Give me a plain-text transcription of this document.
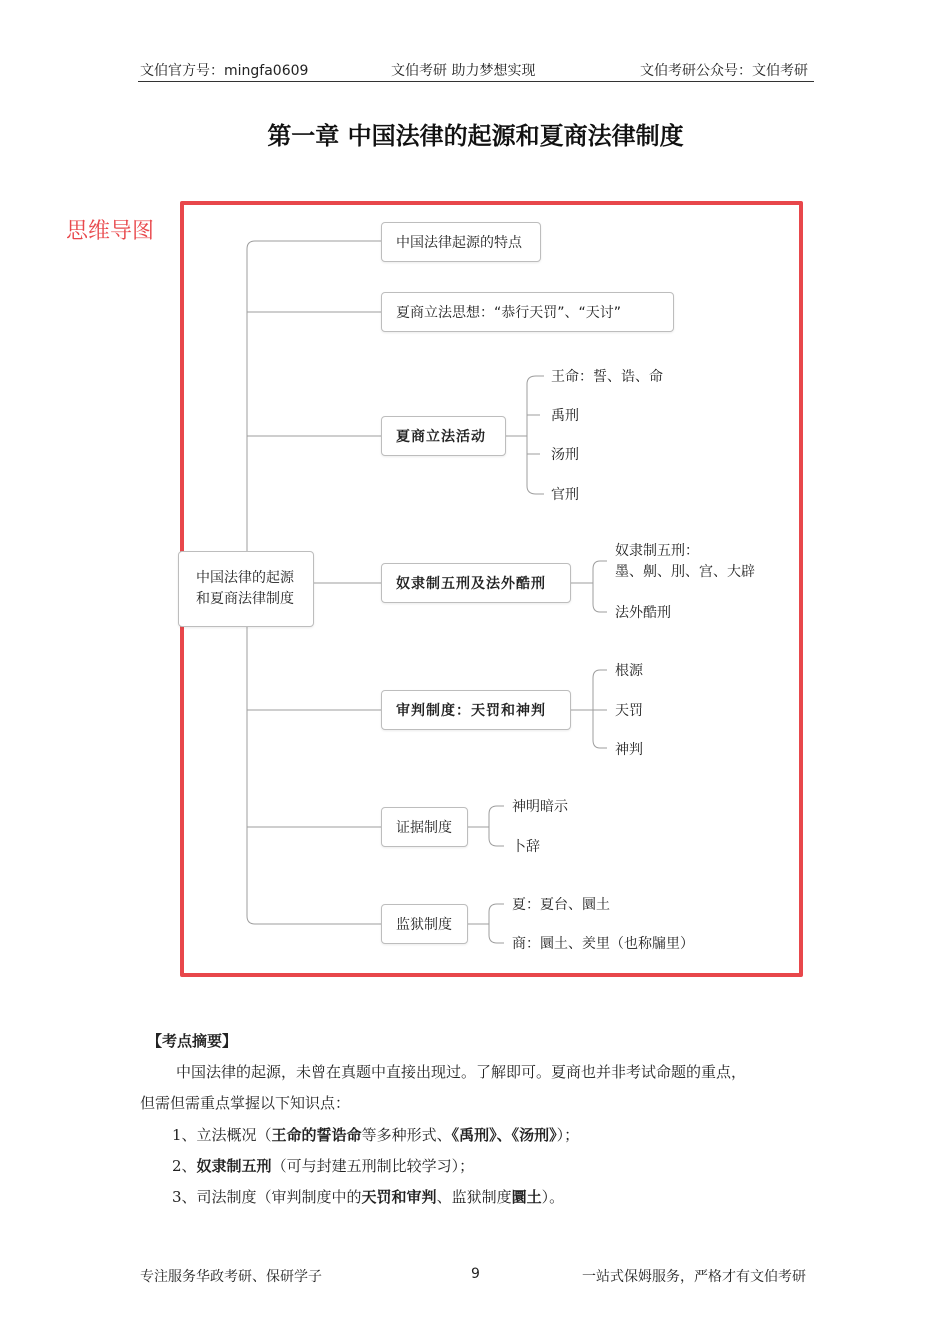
文伯官方号：mingfa0609	文伯考研 助力梦想实现	文伯考研公众号：文伯考研
第一章 中国法律的起源和夏商法律制度
思维导图
中国法律的起源
和夏商法律制度
中国法律起源的特点
夏商立法思想：“恭行天罚”、“天讨”
夏商立法活动
奴隶制五刑及法外酷刑
审判制度：天罚和神判
证据制度
监狱制度
王命：誓、诰、命
禹刑
汤刑
官刑
奴隶制五刑：
墨、劓、刖、宫、大辟
法外酷刑
根源
天罚
神判
神明暗示
卜辞
夏：夏台、圜土
商：圜土、羑里（也称牖里）
【考点摘要】
中国法律的起源，未曾在真题中直接出现过。了解即可。夏商也并非考试命题的重点，
但需但需重点掌握以下知识点：
1、立法概况（王命的誓诰命等多种形式、《禹刑》、《汤刑》）；
2、奴隶制五刑（可与封建五刑制比较学习）；
3、司法制度（审判制度中的天罚和审判、监狱制度圜土）。
专注服务华政考研、保研学子	9	一站式保姆服务，严格才有文伯考研
